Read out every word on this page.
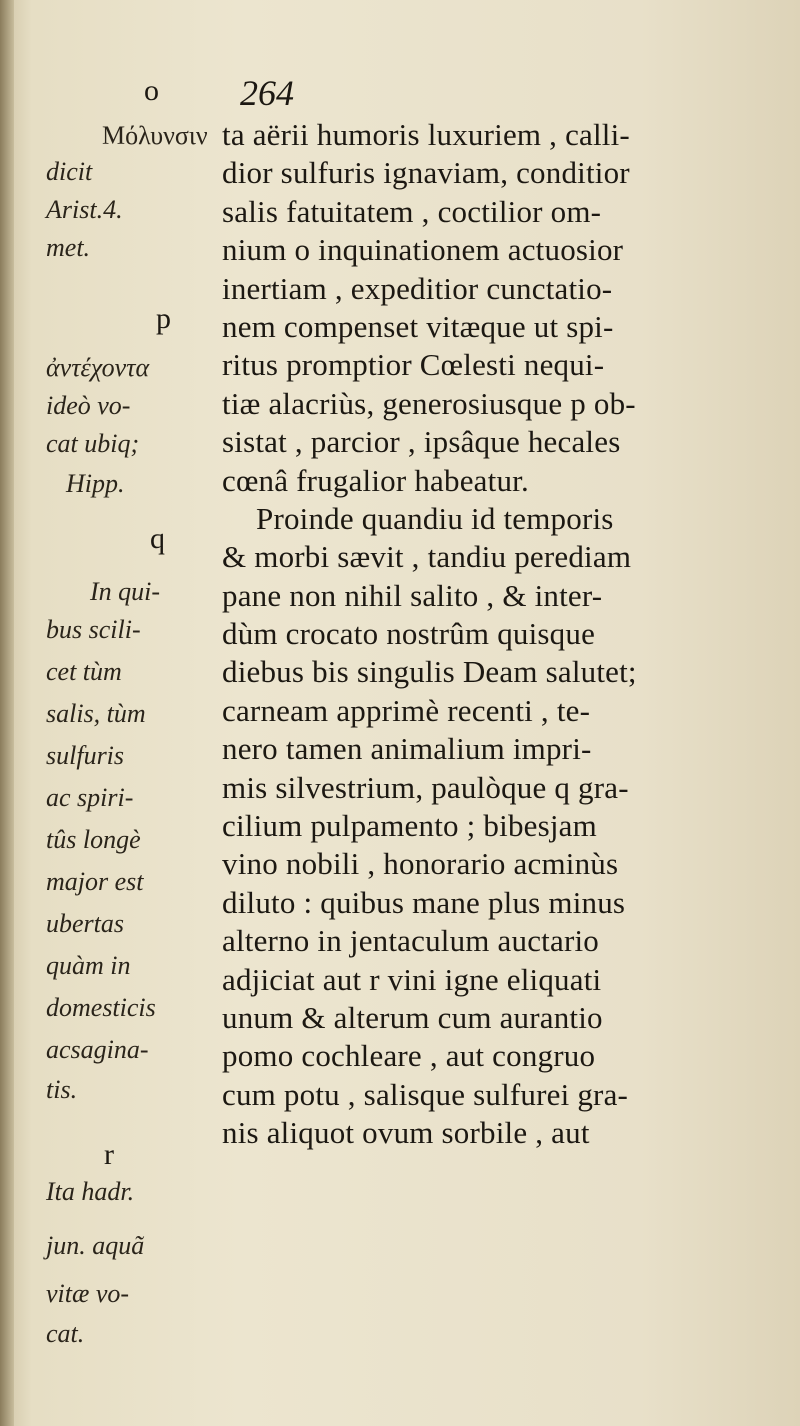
o 264
Μόλυνσιν
dicit
Arist.4.
met.
p
ἀντέχοντα
ideò vo-
cat ubiq;
Hipp.
q
In qui-
bus scili-
cet tùm
salis, tùm
sulfuris
ac spiri-
tûs longè
major est
ubertas
quàm in
domesticis
acsagina-
tis.
r
Ita hadr.
jun. aquã
vitæ vo-
cat.
ta aërii humoris luxuriem , calli-
dior sulfuris ignaviam, conditior
salis fatuitatem , coctilior om-
nium o inquinationem actuosior
inertiam , expeditior cunctatio-
nem compenset vitæque ut spi-
ritus promptior Cœlesti nequi-
tiæ alacriùs, generosiusque p ob-
sistat , parcior , ipsâque hecales
cœnâ frugalior habeatur.
Proinde quandiu id temporis
& morbi sævit , tandiu perediam
pane non nihil salito , & inter-
dùm crocato nostrûm quisque
diebus bis singulis Deam salutet;
carneam apprimè recenti , te-
nero tamen animalium impri-
mis silvestrium, paulòque q gra-
cilium pulpamento ; bibesjam
vino nobili , honorario acminùs
diluto : quibus mane plus minus
alterno in jentaculum auctario
adjiciat aut r vini igne eliquati
unum & alterum cum aurantio
pomo cochleare , aut congruo
cum potu , salisque sulfurei gra-
nis aliquot ovum sorbile , aut
